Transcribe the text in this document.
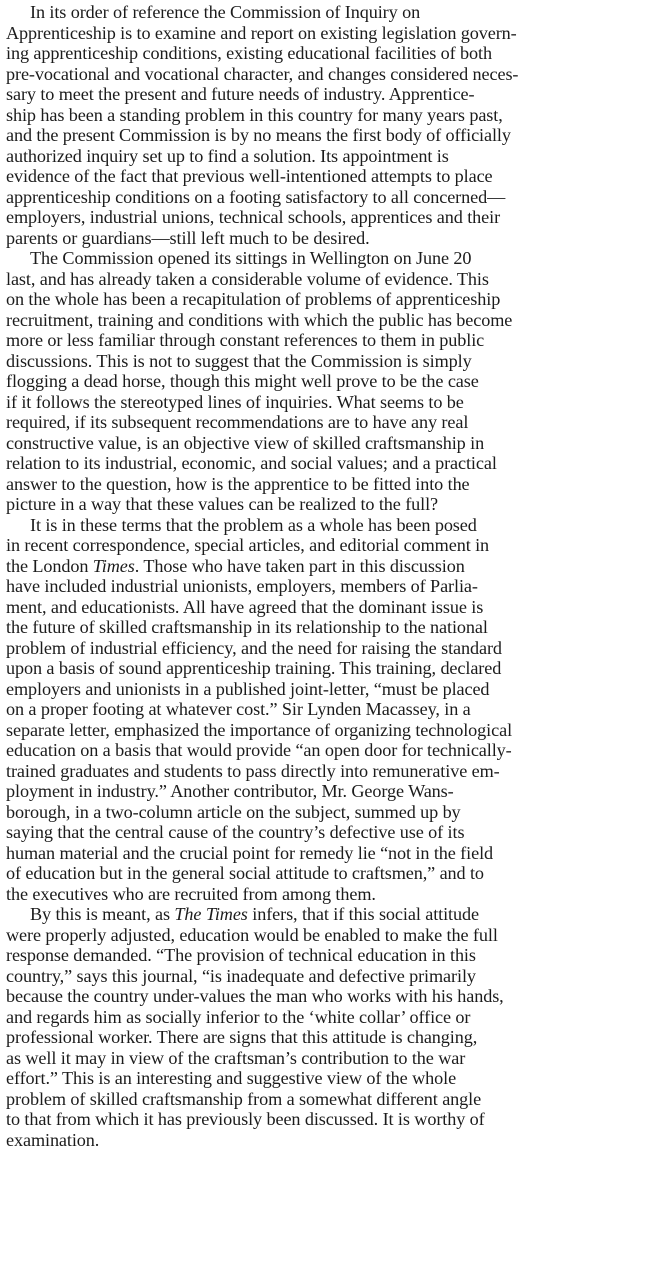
In its order of reference the Commission of Inquiry on
Apprenticeship is to examine and report on existing legislation govern-
ing apprenticeship conditions, existing educational facilities of both
pre-vocational and vocational character, and changes considered neces-
sary to meet the present and future needs of industry. Apprentice-
ship has been a standing problem in this country for many years past,
and the present Commission is by no means the first body of officially
authorized inquiry set up to find a solution. Its appointment is
evidence of the fact that previous well-intentioned attempts to place
apprenticeship conditions on a footing satisfactory to all concerned—
employers, industrial unions, technical schools, apprentices and their
parents or guardians—still left much to be desired.

The Commission opened its sittings in Wellington on June 20
last, and has already taken a considerable volume of evidence. This
on the whole has been a recapitulation of problems of apprenticeship
recruitment, training and conditions with which the public has become
more or less familiar through constant references to them in public
discussions. This is not to suggest that the Commission is simply
flogging a dead horse, though this might well prove to be the case
if it follows the stereotyped lines of inquiries. What seems to be
required, if its subsequent recommendations are to have any real
constructive value, is an objective view of skilled craftsmanship in
relation to its industrial, economic, and social values; and a practical
answer to the question, how is the apprentice to be fitted into the
picture in a way that these values can be realized to the full?

It is in these terms that the problem as a whole has been posed
in recent correspondence, special articles, and editorial comment in
the London Times. Those who have taken part in this discussion
have included industrial unionists, employers, members of Parlia-
ment, and educationists. All have agreed that the dominant issue is
the future of skilled craftsmanship in its relationship to the national
problem of industrial efficiency, and the need for raising the standard
upon a basis of sound apprenticeship training. This training, declared
employers and unionists in a published joint-letter, “must be placed
on a proper footing at whatever cost.” Sir Lynden Macassey, in a
separate letter, emphasized the importance of organizing technological
education on a basis that would provide “an open door for technically-
trained graduates and students to pass directly into remunerative em-
ployment in industry.” Another contributor, Mr. George Wans-
borough, in a two-column article on the subject, summed up by
saying that the central cause of the country’s defective use of its
human material and the crucial point for remedy lie “not in the field
of education but in the general social attitude to craftsmen,” and to
the executives who are recruited from among them.

By this is meant, as The Times infers, that if this social attitude
were properly adjusted, education would be enabled to make the full
response demanded. “The provision of technical education in this
country,” says this journal, “is inadequate and defective primarily
because the country under-values the man who works with his hands,
and regards him as socially inferior to the ‘white collar’ office or
professional worker. There are signs that this attitude is changing,
as well it may in view of the craftsman’s contribution to the war
effort.” This is an interesting and suggestive view of the whole
problem of skilled craftsmanship from a somewhat different angle
to that from which it has previously been discussed. It is worthy of
examination.
